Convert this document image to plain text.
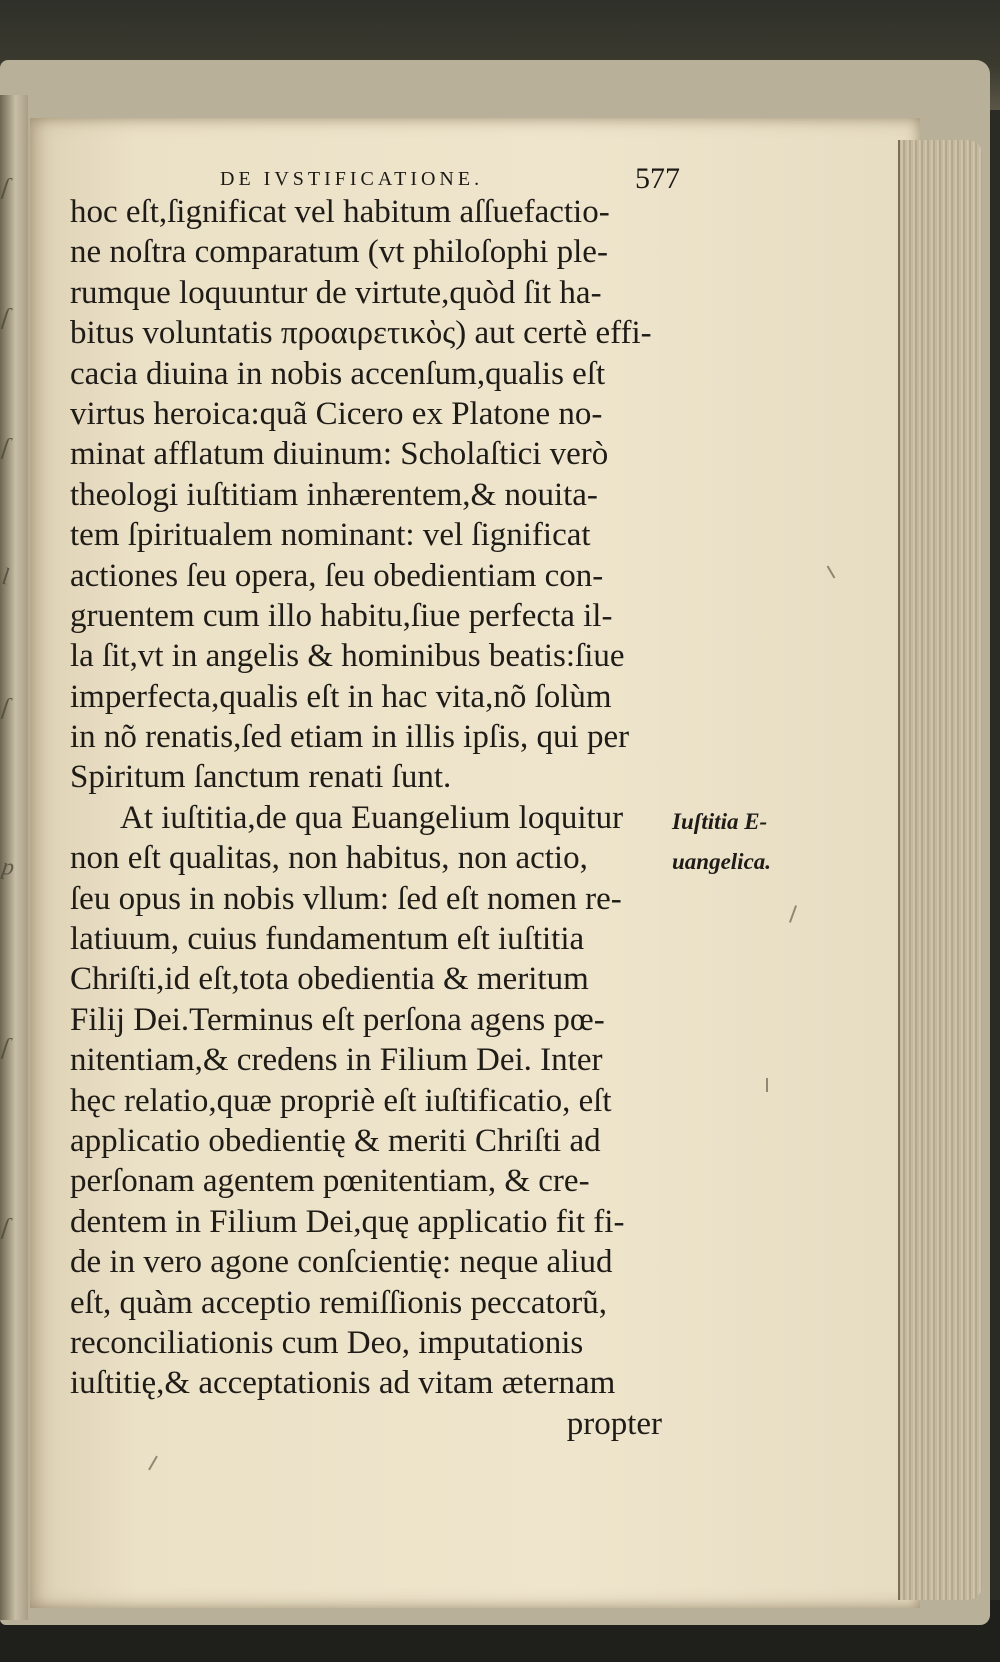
ſ
ſ
ſ
l
ſ
p
ſ
ſ
DE IVSTIFICATIONE.	577
hoc eſt,ſignificat vel habitum aſſuefactio-
ne noſtra comparatum (vt philoſophi ple-
rumque loquuntur de virtute,quòd ſit ha-
bitus voluntatis προαιρετικὸς) aut certè effi-
cacia diuina in nobis accenſum,qualis eſt
virtus heroica:quã Cicero ex Platone no-
minat afflatum diuinum: Scholaſtici verò
theologi iuſtitiam inhærentem,& nouita-
tem ſpiritualem nominant: vel ſignificat
actiones ſeu opera, ſeu obedientiam con-
gruentem cum illo habitu,ſiue perfecta il-
la ſit,vt in angelis & hominibus beatis:ſiue
imperfecta,qualis eſt in hac vita,nõ ſolùm
in nõ renatis,ſed etiam in illis ipſis, qui per
Spiritum ſanctum renati ſunt.
At iuſtitia,de qua Euangelium loquitur
non eſt qualitas, non habitus, non actio,
ſeu opus in nobis vllum: ſed eſt nomen re-
latiuum, cuius fundamentum eſt iuſtitia
Chriſti,id eſt,tota obedientia & meritum
Filij Dei.Terminus eſt perſona agens pœ-
nitentiam,& credens in Filium Dei. Inter
hęc relatio,quæ propriè eſt iuſtificatio, eſt
applicatio obedientię & meriti Chriſti ad
perſonam agentem pœnitentiam, & cre-
dentem in Filium Dei,quę applicatio fit fi-
de in vero agone conſcientię: neque aliud
eſt, quàm acceptio remiſſionis peccatorũ,
reconciliationis cum Deo, imputationis
iuſtitię,& acceptationis ad vitam æternam
propter
Iuſtitia E-
uangelica.
